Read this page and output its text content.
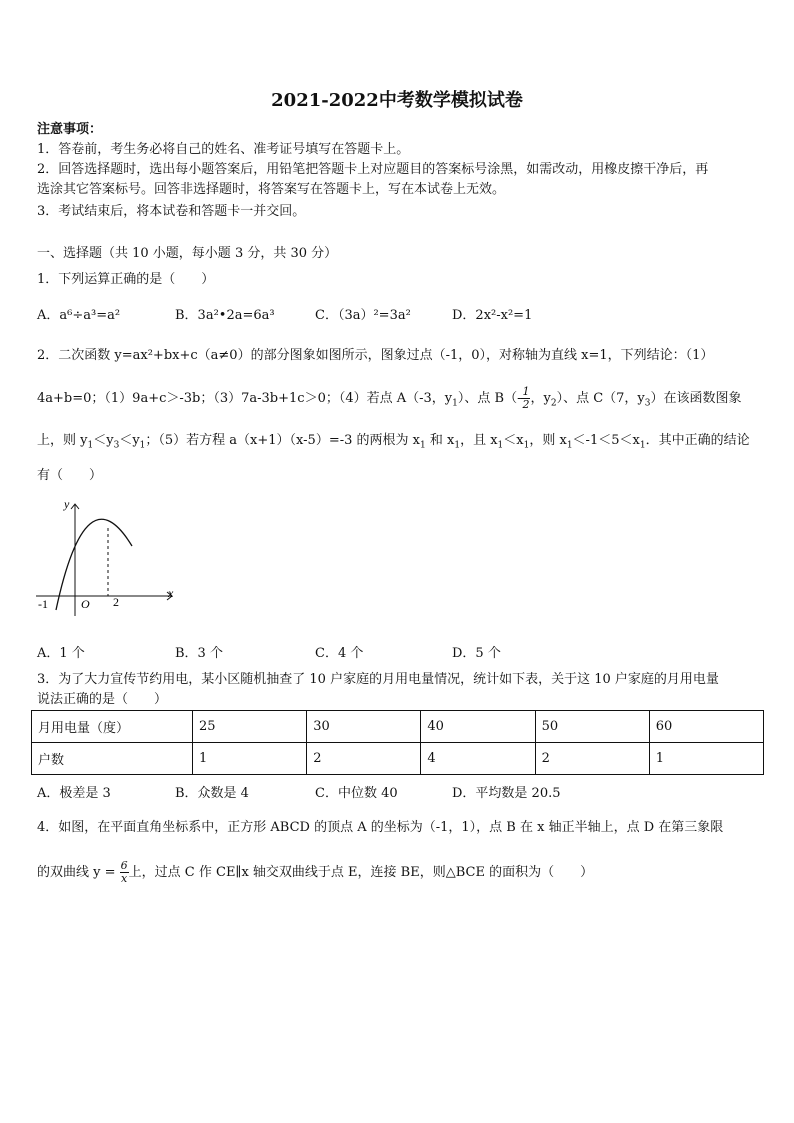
2021-2022中考数学模拟试卷
注意事项：
1．答卷前，考生务必将自己的姓名、准考证号填写在答题卡上。
2．回答选择题时，选出每小题答案后，用铅笔把答题卡上对应题目的答案标号涂黑，如需改动，用橡皮擦干净后，再
选涂其它答案标号。回答非选择题时，将答案写在答题卡上，写在本试卷上无效。
3．考试结束后，将本试卷和答题卡一并交回。
一、选择题（共 10 小题，每小题 3 分，共 30 分）
1．下列运算正确的是（　　）
A．a⁶÷a³=a²	B．3a²•2a=6a³	C．（3a）²=3a²	D．2x²-x²=1
2．二次函数 y=ax²+bx+c（a≠0）的部分图象如图所示，图象过点（-1，0），对称轴为直线 x=1，下列结论：（1）
4a+b=0；（1）9a+c＞-3b；（3）7a-3b+1c＞0；（4）若点 A（-3，$y_1$）、点 $B(- \frac{1}{2}$ ，$y_2$）、点 C（7，$y_3$）在该函数图象
上，则 $y_1<y_3<y_1$；（5）若方程 a（x+1）（x-5）=-3 的两根为 $x_1$ 和 $x_1$，且 $x_1<x_1$，则 $x_1<-1<5<x_1$．其中正确的结论
有（　　）
y
x
O
-1	2
A．1 个	B．3 个	C．4 个	D．5 个
3．为了大力宣传节约用电，某小区随机抽查了 10 户家庭的月用电量情况，统计如下表，关于这 10 户家庭的月用电量
说法正确的是（　　）
月用电量（度）	25	30	40	50	60
户数	1	2	4	2	1
A．极差是 3	B．众数是 4	C．中位数 40	D．平均数是 20.5
4．如图，在平面直角坐标系中，正方形 ABCD 的顶点 A 的坐标为（-1，1），点 B 在 x 轴正半轴上，点 D 在第三象限
的双曲线 $y = \frac{6}{x}$ 上，过点 C 作 CE∥x 轴交双曲线于点 E，连接 BE，则△BCE 的面积为（　　）
